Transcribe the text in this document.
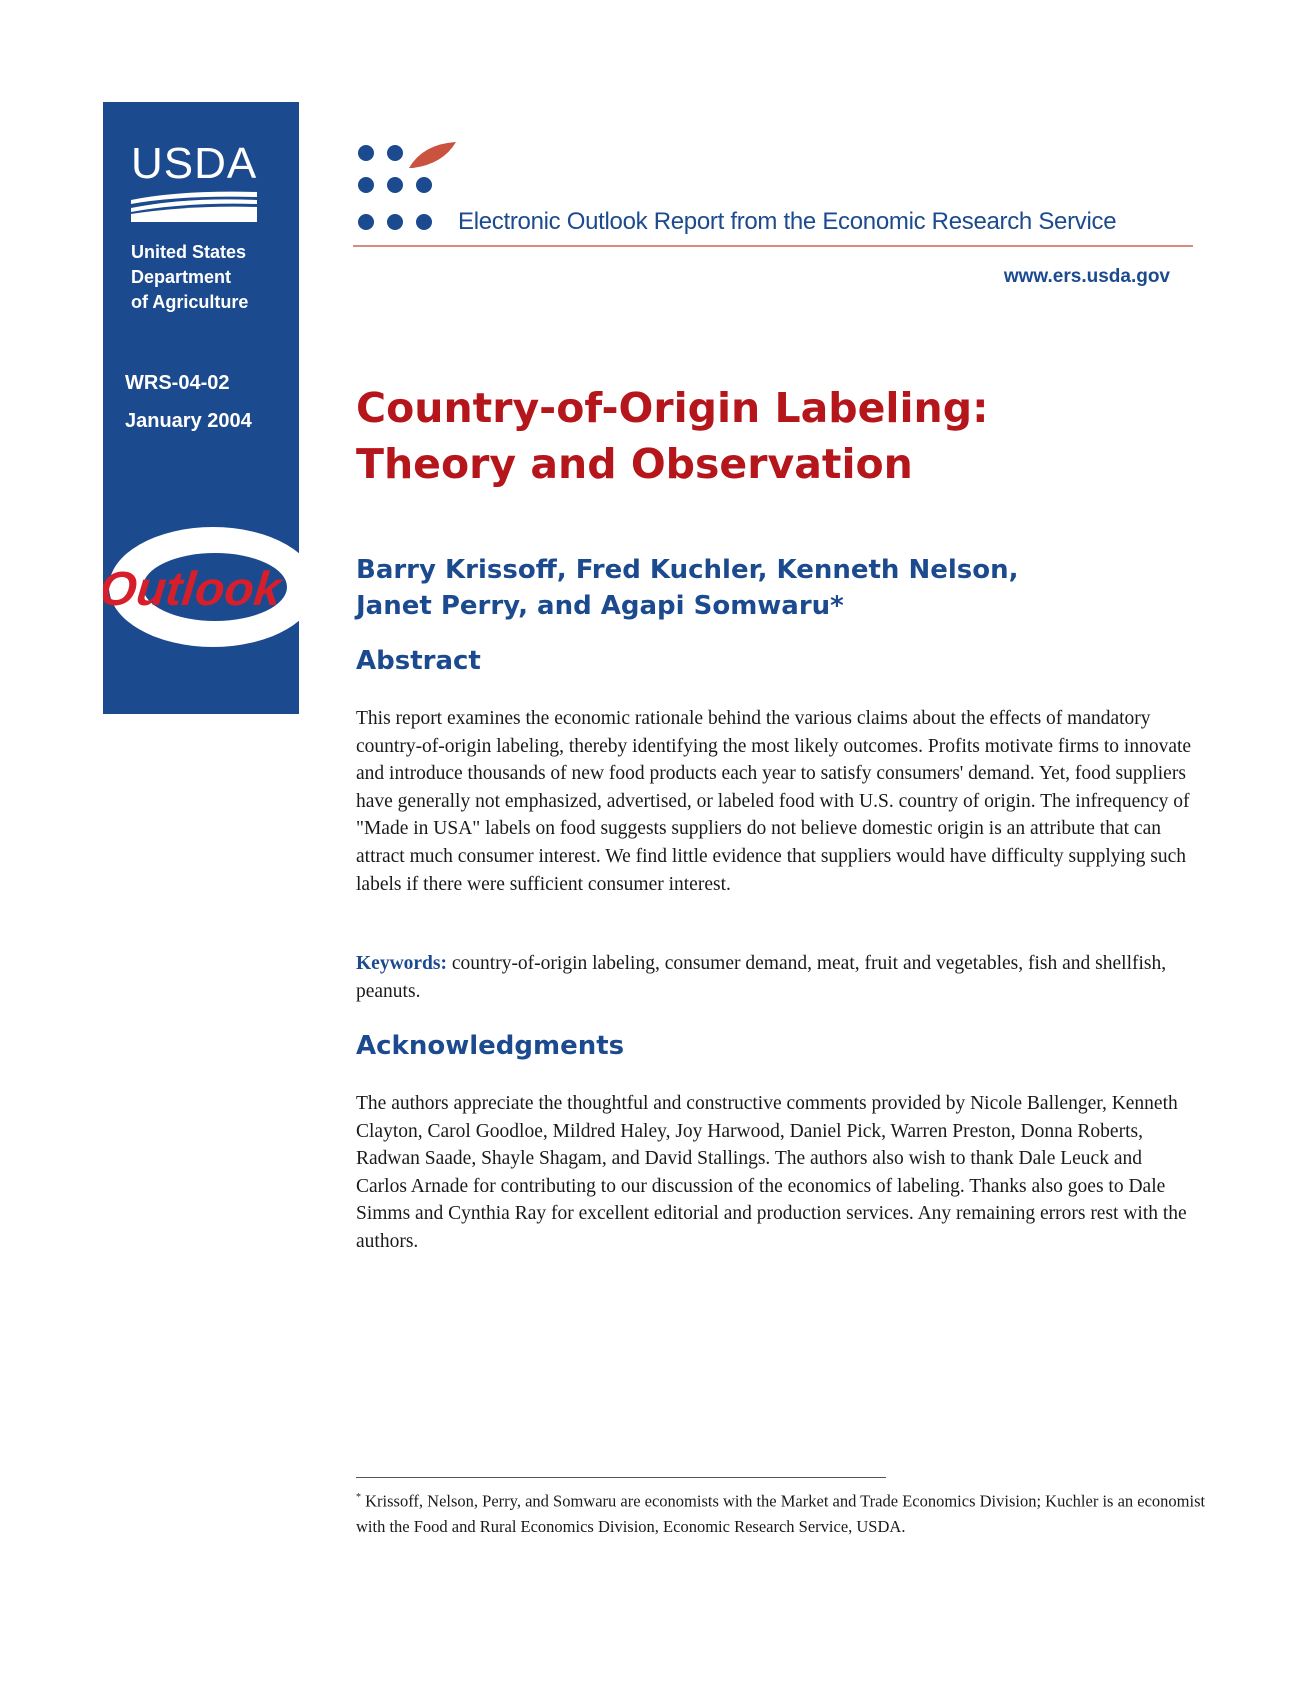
USDA
United States
Department
of Agriculture
WRS-04-02
January 2004
Outlook
Electronic Outlook Report from the Economic Research Service
www.ers.usda.gov
Country-of-Origin Labeling:
Theory and Observation
Barry Krissoff, Fred Kuchler, Kenneth Nelson,
Janet Perry, and Agapi Somwaru*
Abstract
This report examines the economic rationale behind the various claims about the effects of mandatory country-of-origin labeling, thereby identifying the most likely outcomes. Profits motivate firms to innovate and introduce thousands of new food products each year to satisfy consumers' demand. Yet, food suppliers have generally not emphasized, advertised, or labeled food with U.S. country of origin. The infrequency of "Made in USA" labels on food suggests suppliers do not believe domestic origin is an attribute that can attract much consumer interest. We find little evidence that suppliers would have difficulty supplying such labels if there were sufficient consumer interest.
Keywords: country-of-origin labeling, consumer demand, meat, fruit and vegetables, fish and shellfish, peanuts.
Acknowledgments
The authors appreciate the thoughtful and constructive comments provided by Nicole Ballenger, Kenneth Clayton, Carol Goodloe, Mildred Haley, Joy Harwood, Daniel Pick, Warren Preston, Donna Roberts, Radwan Saade, Shayle Shagam, and David Stallings. The authors also wish to thank Dale Leuck and Carlos Arnade for contributing to our discussion of the economics of labeling. Thanks also goes to Dale Simms and Cynthia Ray for excellent editorial and production services. Any remaining errors rest with the authors.
* Krissoff, Nelson, Perry, and Somwaru are economists with the Market and Trade Economics Division; Kuchler is an economist with the Food and Rural Economics Division, Economic Research Service, USDA.
